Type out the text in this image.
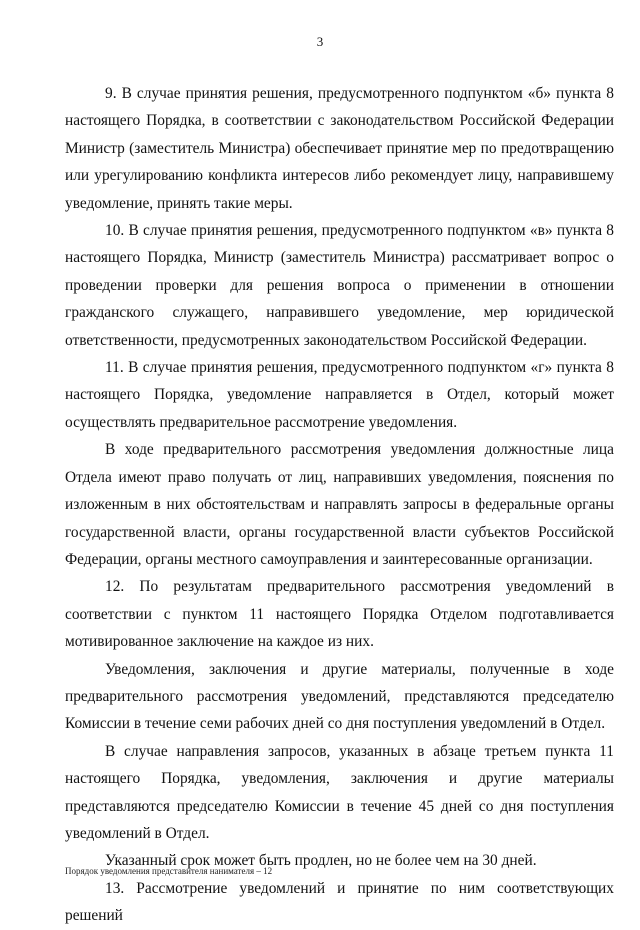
3

9. В случае принятия решения, предусмотренного подпунктом «б» пункта 8 настоящего Порядка, в соответствии с законодательством Российской Федерации Министр (заместитель Министра) обеспечивает принятие мер по предотвращению или урегулированию конфликта интересов либо рекомендует лицу, направившему уведомление, принять такие меры.

10. В случае принятия решения, предусмотренного подпунктом «в» пункта 8 настоящего Порядка, Министр (заместитель Министра) рассматривает вопрос о проведении проверки для решения вопроса о применении в отношении гражданского служащего, направившего уведомление, мер юридической ответственности, предусмотренных законодательством Российской Федерации.

11. В случае принятия решения, предусмотренного подпунктом «г» пункта 8 настоящего Порядка, уведомление направляется в Отдел, который может осуществлять предварительное рассмотрение уведомления.

В ходе предварительного рассмотрения уведомления должностные лица Отдела имеют право получать от лиц, направивших уведомления, пояснения по изложенным в них обстоятельствам и направлять запросы в федеральные органы государственной власти, органы государственной власти субъектов Российской Федерации, органы местного самоуправления и заинтересованные организации.

12. По результатам предварительного рассмотрения уведомлений в соответствии с пунктом 11 настоящего Порядка Отделом подготавливается мотивированное заключение на каждое из них.

Уведомления, заключения и другие материалы, полученные в ходе предварительного рассмотрения уведомлений, представляются председателю Комиссии в течение семи рабочих дней со дня поступления уведомлений в Отдел.

В случае направления запросов, указанных в абзаце третьем пункта 11 настоящего Порядка, уведомления, заключения и другие материалы представляются председателю Комиссии в течение 45 дней со дня поступления уведомлений в Отдел.

Указанный срок может быть продлен, но не более чем на 30 дней.

13. Рассмотрение уведомлений и принятие по ним соответствующих решений

Порядок уведомления представителя нанимателя – 12
